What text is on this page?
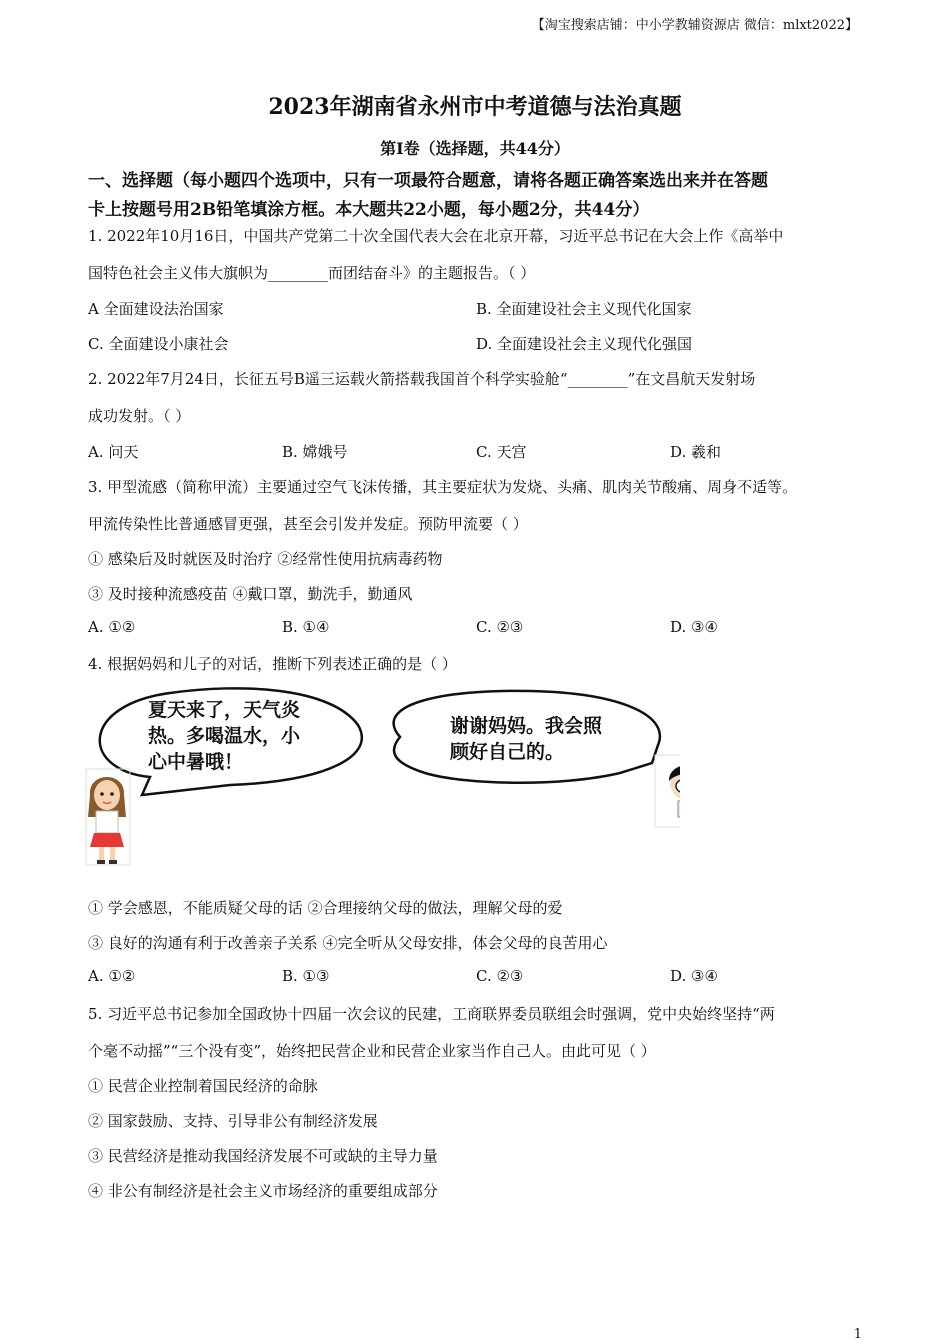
【淘宝搜索店铺：中小学教辅资源店 微信：mlxt2022】
2023年湖南省永州市中考道德与法治真题
第Ⅰ卷（选择题，共44分）
一、选择题（每小题四个选项中，只有一项最符合题意，请将各题正确答案选出来并在答题
卡上按题号用2B铅笔填涂方框。本大题共22小题，每小题2分，共44分）
1. 2022年10月16日，中国共产党第二十次全国代表大会在北京开幕，习近平总书记在大会上作《高举中
国特色社会主义伟大旗帜为________而团结奋斗》的主题报告。（ ）
A 全面建设法治国家	B. 全面建设社会主义现代化国家
C. 全面建设小康社会	D. 全面建设社会主义现代化强国
2. 2022年7月24日，长征五号B遥三运载火箭搭载我国首个科学实验舱“________”在文昌航天发射场
成功发射。（ ）
A. 问天	B. 嫦娥号	C. 天宫	D. 羲和
3. 甲型流感（简称甲流）主要通过空气飞沫传播，其主要症状为发烧、头痛、肌肉关节酸痛、周身不适等。
甲流传染性比普通感冒更强，甚至会引发并发症。预防甲流要（ ）
① 感染后及时就医及时治疗 ②经常性使用抗病毒药物
③ 及时接种流感疫苗 ④戴口罩，勤洗手，勤通风
A. ①②	B. ①④	C. ②③	D. ③④
4. 根据妈妈和儿子的对话，推断下列表述正确的是（ ）
夏天来了，天气炎
热。多喝温水，小
心中暑哦！
谢谢妈妈。我会照
顾好自己的。
① 学会感恩，不能质疑父母的话 ②合理接纳父母的做法，理解父母的爱
③ 良好的沟通有利于改善亲子关系 ④完全听从父母安排，体会父母的良苦用心
A. ①②	B. ①③	C. ②③	D. ③④
5. 习近平总书记参加全国政协十四届一次会议的民建，工商联界委员联组会时强调，党中央始终坚持“两
个毫不动摇”“三个没有变”，始终把民营企业和民营企业家当作自己人。由此可见（ ）
① 民营企业控制着国民经济的命脉
② 国家鼓励、支持、引导非公有制经济发展
③ 民营经济是推动我国经济发展不可或缺的主导力量
④ 非公有制经济是社会主义市场经济的重要组成部分
1
